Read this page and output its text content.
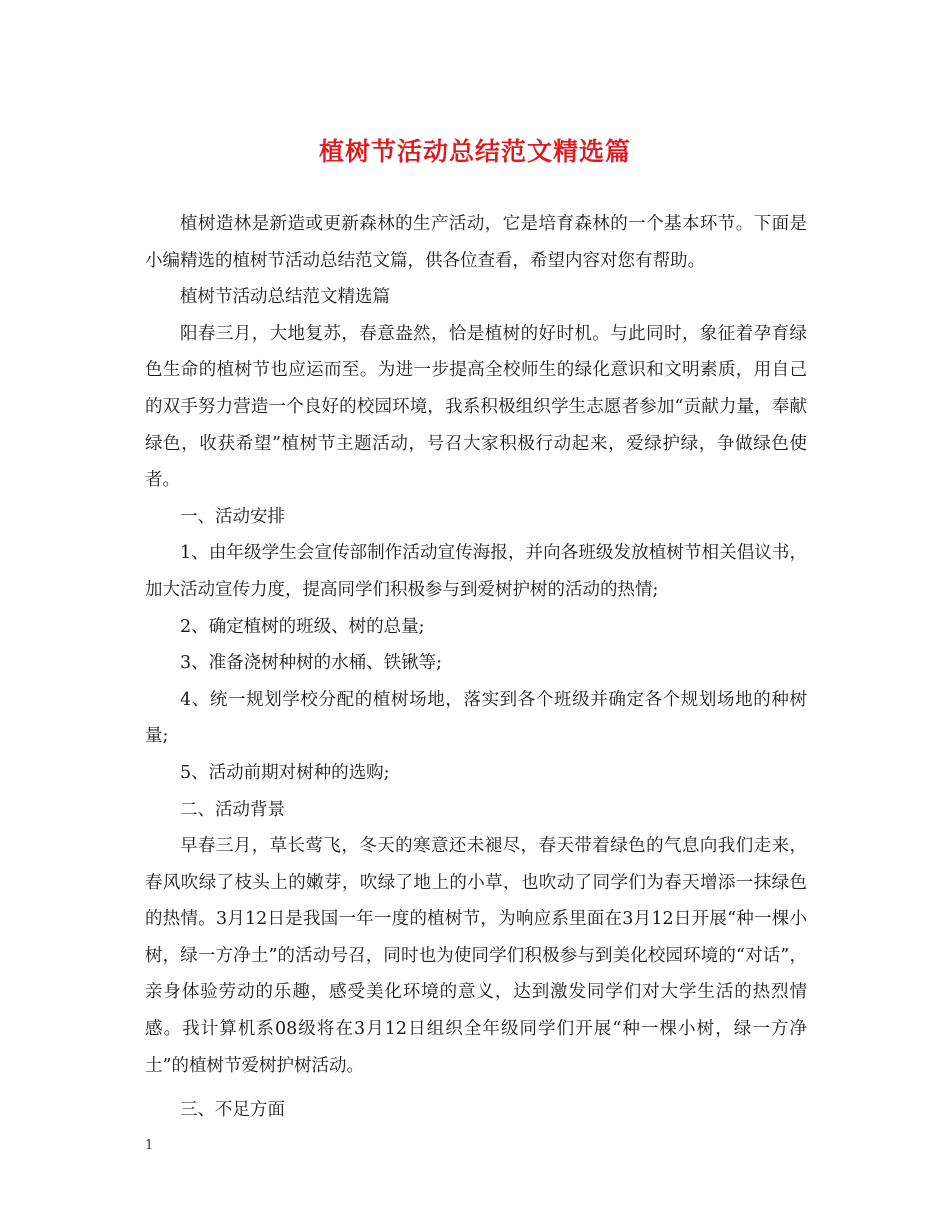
植树节活动总结范文精选篇

植树造林是新造或更新森林的生产活动，它是培育森林的一个基本环节。下面是小编精选的植树节活动总结范文篇，供各位查看，希望内容对您有帮助。

植树节活动总结范文精选篇

阳春三月，大地复苏，春意盎然，恰是植树的好时机。与此同时，象征着孕育绿色生命的植树节也应运而至。为进一步提高全校师生的绿化意识和文明素质，用自己的双手努力营造一个良好的校园环境，我系积极组织学生志愿者参加“贡献力量，奉献绿色，收获希望”植树节主题活动，号召大家积极行动起来，爱绿护绿，争做绿色使者。

一、活动安排

1、由年级学生会宣传部制作活动宣传海报，并向各班级发放植树节相关倡议书，加大活动宣传力度，提高同学们积极参与到爱树护树的活动的热情;

2、确定植树的班级、树的总量;

3、准备浇树种树的水桶、铁锹等;

4、统一规划学校分配的植树场地，落实到各个班级并确定各个规划场地的种树量;

5、活动前期对树种的选购;

二、活动背景

早春三月，草长莺飞，冬天的寒意还未褪尽，春天带着绿色的气息向我们走来，春风吹绿了枝头上的嫩芽，吹绿了地上的小草，也吹动了同学们为春天增添一抹绿色的热情。3月12日是我国一年一度的植树节，为响应系里面在3月12日开展“种一棵小树，绿一方净土”的活动号召，同时也为使同学们积极参与到美化校园环境的“对话”，亲身体验劳动的乐趣，感受美化环境的意义，达到激发同学们对大学生活的热烈情感。我计算机系08级将在3月12日组织全年级同学们开展“种一棵小树，绿一方净土”的植树节爱树护树活动。

三、不足方面

1
